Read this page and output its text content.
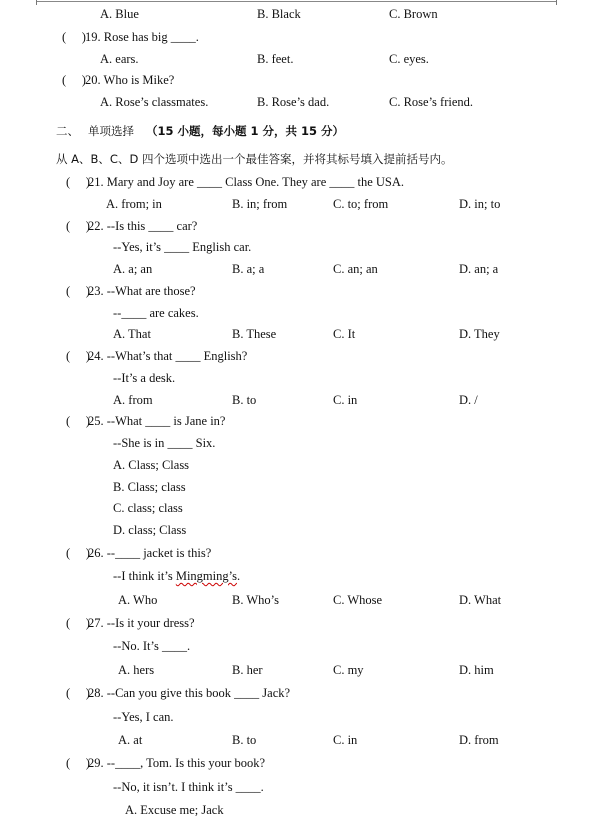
A. Blue	B. Black	C. Brown
(     ) 19. Rose has big ____.
A. ears.	B. feet.	C. eyes.
(     ) 20. Who is Mike?
A. Rose’s classmates.	B. Rose’s dad.	C. Rose’s friend.
二、 单项选择 （15 小题，每小题 1 分，共 15 分）
从 A、B、C、D 四个选项中选出一个最佳答案，并将其标号填入提前括号内。
(     )
21. Mary and Joy are ____ Class One. They are ____ the USA.
A. from; in	B. in; from	C. to; from	D. in; to
(     )
22. --Is this ____ car?
--Yes, it’s ____ English car.
A. a; an	B. a; a	C. an; an	D. an; a
(     )
23. --What are those?
--____ are cakes.
A. That	B. These	C. It	D. They
(     )
24. --What’s that ____ English?
--It’s a desk.
A. from	B. to	C. in	D. /
(     )
25. --What ____ is Jane in?
--She is in ____ Six.
A. Class; Class
B. Class; class
C. class; class
D. class; Class
(     )
26. --____ jacket is this?
--I think it’s Mingming’s.
A. Who	B. Who’s	C. Whose	D. What
(     )
27. --Is it your dress?
--No. It’s ____.
A. hers	B. her	C. my	D. him
(     )
28. --Can you give this book ____ Jack?
--Yes, I can.
A. at	B. to	C. in	D. from
(     )
29. --____, Tom. Is this your book?
--No, it isn’t. I think it’s ____.
A. Excuse me; Jack
